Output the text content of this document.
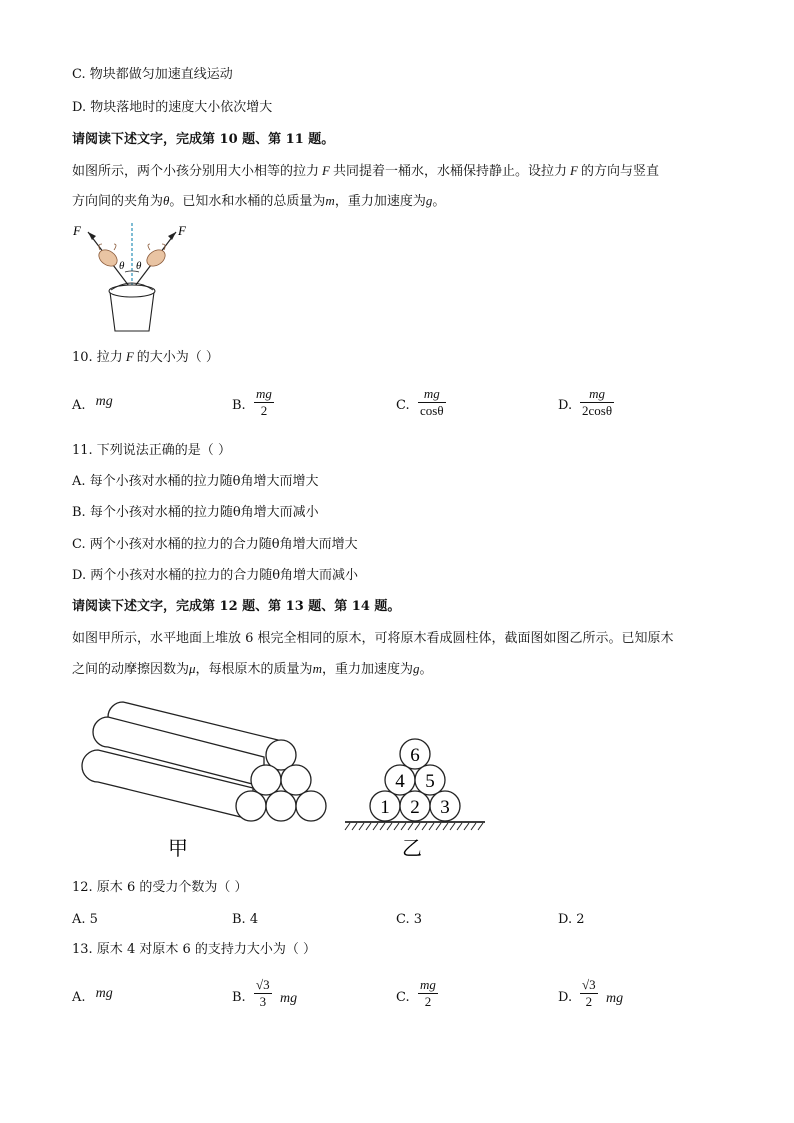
C. 物块都做匀加速直线运动
D. 物块落地时的速度大小依次增大
请阅读下述文字，完成第 10 题、第 11 题。
如图所示，两个小孩分别用大小相等的拉力 F 共同提着一桶水，水桶保持静止。设拉力 F 的方向与竖直
方向间的夹角为θ。已知水和水桶的总质量为m，重力加速度为g。
θ θ
F	F
10. 拉力 F 的大小为（ ）
A. mg	B. $\frac{mg}{2}$	C. $\frac{mg}{\cos\theta}$	D. $\frac{mg}{2\cos\theta}$
11. 下列说法正确的是（ ）
A. 每个小孩对水桶的拉力随θ角增大而增大
B. 每个小孩对水桶的拉力随θ角增大而减小
C. 两个小孩对水桶的拉力的合力随θ角增大而增大
D. 两个小孩对水桶的拉力的合力随θ角增大而减小
请阅读下述文字，完成第 12 题、第 13 题、第 14 题。
如图甲所示，水平地面上堆放 6 根完全相同的原木，可将原木看成圆柱体，截面图如图乙所示。已知原木
之间的动摩擦因数为μ，每根原木的质量为m，重力加速度为g。
甲
6
4 5
1 2 3
乙
12. 原木 6 的受力个数为（ ）
A. 5	B. 4	C. 3	D. 2
13. 原木 4 对原木 6 的支持力大小为（ ）
A. mg	B. $\frac{√3}{3}$ mg	C. $\frac{mg}{2}$	D. $\frac{√3}{2}$ mg
